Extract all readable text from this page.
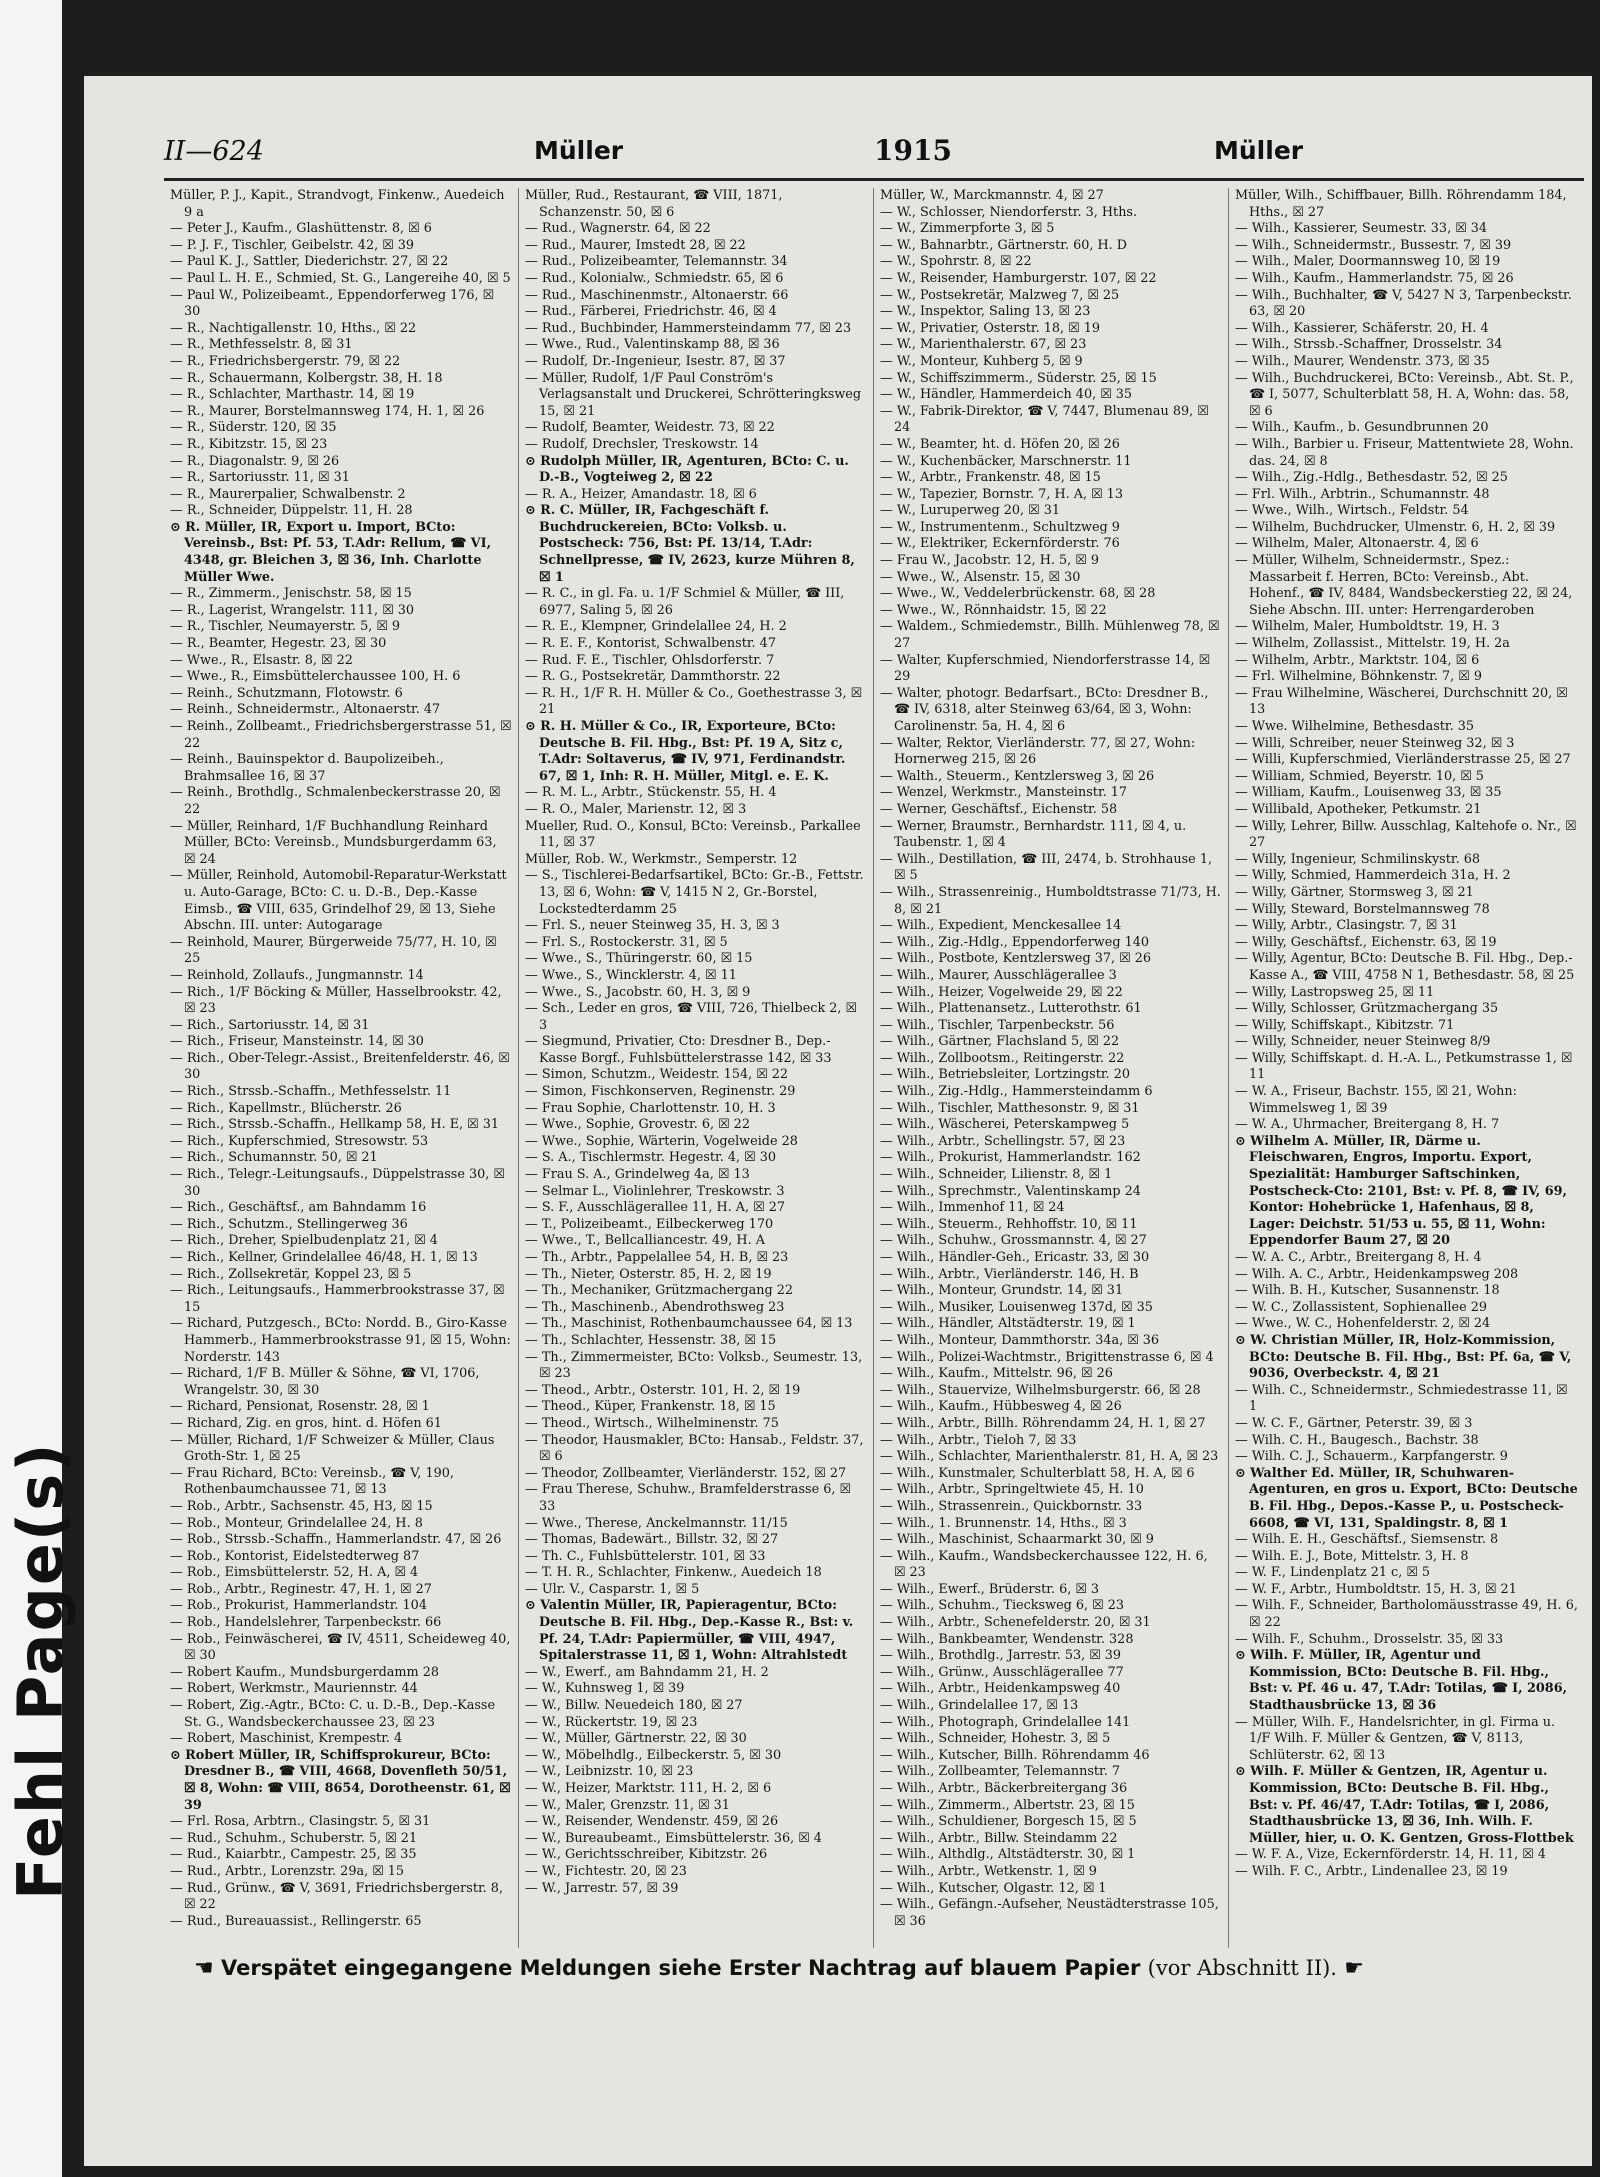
Fehl Page(s)
II—624	Müller	1915	Müller
Müller, P. J., Kapit., Strandvogt, Finkenw., Auedeich 9 a
— Peter J., Kaufm., Glashüttenstr. 8, ☒ 6
— P. J. F., Tischler, Geibelstr. 42, ☒ 39
— Paul K. J., Sattler, Diederichstr. 27, ☒ 22
— Paul L. H. E., Schmied, St. G., Langereihe 40, ☒ 5
— Paul W., Polizeibeamt., Eppendorferweg 176, ☒ 30
— R., Nachtigallenstr. 10, Hths., ☒ 22
— R., Methfesselstr. 8, ☒ 31
— R., Friedrichsbergerstr. 79, ☒ 22
— R., Schauermann, Kolbergstr. 38, H. 18
— R., Schlachter, Marthastr. 14, ☒ 19
— R., Maurer, Borstelmannsweg 174, H. 1, ☒ 26
— R., Süderstr. 120, ☒ 35
— R., Kibitzstr. 15, ☒ 23
— R., Diagonalstr. 9, ☒ 26
— R., Sartoriusstr. 11, ☒ 31
— R., Maurerpalier, Schwalbenstr. 2
— R., Schneider, Düppelstr. 11, H. 28
⊙ R. Müller, IR, Export u. Import, BCto: Vereinsb., Bst: Pf. 53, T.Adr: Rellum, ☎ VI, 4348, gr. Bleichen 3, ☒ 36, Inh. Charlotte Müller Wwe.
— R., Zimmerm., Jenischstr. 58, ☒ 15
— R., Lagerist, Wrangelstr. 111, ☒ 30
— R., Tischler, Neumayerstr. 5, ☒ 9
— R., Beamter, Hegestr. 23, ☒ 30
— Wwe., R., Elsastr. 8, ☒ 22
— Wwe., R., Eimsbüttelerchaussee 100, H. 6
— Reinh., Schutzmann, Flotowstr. 6
— Reinh., Schneidermstr., Altonaerstr. 47
— Reinh., Zollbeamt., Friedrichsbergerstrasse 51, ☒ 22
— Reinh., Bauinspektor d. Baupolizeibeh., Brahmsallee 16, ☒ 37
— Reinh., Brothdlg., Schmalenbeckerstrasse 20, ☒ 22
— Müller, Reinhard, 1/F Buchhandlung Reinhard Müller, BCto: Vereinsb., Mundsburgerdamm 63, ☒ 24
— Müller, Reinhold, Automobil-Reparatur-Werkstatt u. Auto-Garage, BCto: C. u. D.-B., Dep.-Kasse Eimsb., ☎ VIII, 635, Grindelhof 29, ☒ 13, Siehe Abschn. III. unter: Autogarage
— Reinhold, Maurer, Bürgerweide 75/77, H. 10, ☒ 25
— Reinhold, Zollaufs., Jungmannstr. 14
— Rich., 1/F Böcking & Müller, Hasselbrookstr. 42, ☒ 23
— Rich., Sartoriusstr. 14, ☒ 31
— Rich., Friseur, Mansteinstr. 14, ☒ 30
— Rich., Ober-Telegr.-Assist., Breitenfelderstr. 46, ☒ 30
— Rich., Strssb.-Schaffn., Methfesselstr. 11
— Rich., Kapellmstr., Blücherstr. 26
— Rich., Strssb.-Schaffn., Hellkamp 58, H. E, ☒ 31
— Rich., Kupferschmied, Stresowstr. 53
— Rich., Schumannstr. 50, ☒ 21
— Rich., Telegr.-Leitungsaufs., Düppelstrasse 30, ☒ 30
— Rich., Geschäftsf., am Bahndamm 16
— Rich., Schutzm., Stellingerweg 36
— Rich., Dreher, Spielbudenplatz 21, ☒ 4
— Rich., Kellner, Grindelallee 46/48, H. 1, ☒ 13
— Rich., Zollsekretär, Koppel 23, ☒ 5
— Rich., Leitungsaufs., Hammerbrookstrasse 37, ☒ 15
— Richard, Putzgesch., BCto: Nordd. B., Giro-Kasse Hammerb., Hammerbrookstrasse 91, ☒ 15, Wohn: Norderstr. 143
— Richard, 1/F B. Müller & Söhne, ☎ VI, 1706, Wrangelstr. 30, ☒ 30
— Richard, Pensionat, Rosenstr. 28, ☒ 1
— Richard, Zig. en gros, hint. d. Höfen 61
— Müller, Richard, 1/F Schweizer & Müller, Claus Groth-Str. 1, ☒ 25
— Frau Richard, BCto: Vereinsb., ☎ V, 190, Rothenbaumchaussee 71, ☒ 13
— Rob., Arbtr., Sachsenstr. 45, H3, ☒ 15
— Rob., Monteur, Grindelallee 24, H. 8
— Rob., Strssb.-Schaffn., Hammerlandstr. 47, ☒ 26
— Rob., Kontorist, Eidelstedterweg 87
— Rob., Eimsbüttelerstr. 52, H. A, ☒ 4
— Rob., Arbtr., Reginestr. 47, H. 1, ☒ 27
— Rob., Prokurist, Hammerlandstr. 104
— Rob., Handelslehrer, Tarpenbeckstr. 66
— Rob., Feinwäscherei, ☎ IV, 4511, Scheideweg 40, ☒ 30
— Robert Kaufm., Mundsburgerdamm 28
— Robert, Werkmstr., Mauriennstr. 44
— Robert, Zig.-Agtr., BCto: C. u. D.-B., Dep.-Kasse St. G., Wandsbeckerchaussee 23, ☒ 23
— Robert, Maschinist, Krempestr. 4
⊙ Robert Müller, IR, Schiffsprokureur, BCto: Dresdner B., ☎ VIII, 4668, Dovenfleth 50/51, ☒ 8, Wohn: ☎ VIII, 8654, Dorotheenstr. 61, ☒ 39
— Frl. Rosa, Arbtrn., Clasingstr. 5, ☒ 31
— Rud., Schuhm., Schuberstr. 5, ☒ 21
— Rud., Kaiarbtr., Campestr. 25, ☒ 35
— Rud., Arbtr., Lorenzstr. 29a, ☒ 15
— Rud., Grünw., ☎ V, 3691, Friedrichsbergerstr. 8, ☒ 22
— Rud., Bureauassist., Rellingerstr. 65
Müller, Rud., Restaurant, ☎ VIII, 1871, Schanzenstr. 50, ☒ 6
— Rud., Wagnerstr. 64, ☒ 22
— Rud., Maurer, Imstedt 28, ☒ 22
— Rud., Polizeibeamter, Telemannstr. 34
— Rud., Kolonialw., Schmiedstr. 65, ☒ 6
— Rud., Maschinenmstr., Altonaerstr. 66
— Rud., Färberei, Friedrichstr. 46, ☒ 4
— Rud., Buchbinder, Hammersteindamm 77, ☒ 23
— Wwe., Rud., Valentinskamp 88, ☒ 36
— Rudolf, Dr.-Ingenieur, Isestr. 87, ☒ 37
— Müller, Rudolf, 1/F Paul Conström's Verlagsanstalt und Druckerei, Schrötteringksweg 15, ☒ 21
— Rudolf, Beamter, Weidestr. 73, ☒ 22
— Rudolf, Drechsler, Treskowstr. 14
⊙ Rudolph Müller, IR, Agenturen, BCto: C. u. D.-B., Vogteiweg 2, ☒ 22
— R. A., Heizer, Amandastr. 18, ☒ 6
⊙ R. C. Müller, IR, Fachgeschäft f. Buchdruckereien, BCto: Volksb. u. Postscheck: 756, Bst: Pf. 13/14, T.Adr: Schnellpresse, ☎ IV, 2623, kurze Mühren 8, ☒ 1
— R. C., in gl. Fa. u. 1/F Schmiel & Müller, ☎ III, 6977, Saling 5, ☒ 26
— R. E., Klempner, Grindelallee 24, H. 2
— R. E. F., Kontorist, Schwalbenstr. 47
— Rud. F. E., Tischler, Ohlsdorferstr. 7
— R. G., Postsekretär, Dammthorstr. 22
— R. H., 1/F R. H. Müller & Co., Goethestrasse 3, ☒ 21
⊙ R. H. Müller & Co., IR, Exporteure, BCto: Deutsche B. Fil. Hbg., Bst: Pf. 19 A, Sitz c, T.Adr: Soltaverus, ☎ IV, 971, Ferdinandstr. 67, ☒ 1, Inh: R. H. Müller, Mitgl. e. E. K.
— R. M. L., Arbtr., Stückenstr. 55, H. 4
— R. O., Maler, Marienstr. 12, ☒ 3
Mueller, Rud. O., Konsul, BCto: Vereinsb., Parkallee 11, ☒ 37
Müller, Rob. W., Werkmstr., Semperstr. 12
— S., Tischlerei-Bedarfsartikel, BCto: Gr.-B., Fettstr. 13, ☒ 6, Wohn: ☎ V, 1415 N 2, Gr.-Borstel, Lockstedterdamm 25
— Frl. S., neuer Steinweg 35, H. 3, ☒ 3
— Frl. S., Rostockerstr. 31, ☒ 5
— Wwe., S., Thüringerstr. 60, ☒ 15
— Wwe., S., Wincklerstr. 4, ☒ 11
— Wwe., S., Jacobstr. 60, H. 3, ☒ 9
— Sch., Leder en gros, ☎ VIII, 726, Thielbeck 2, ☒ 3
— Siegmund, Privatier, Cto: Dresdner B., Dep.-Kasse Borgf., Fuhlsbüttelerstrasse 142, ☒ 33
— Simon, Schutzm., Weidestr. 154, ☒ 22
— Simon, Fischkonserven, Reginenstr. 29
— Frau Sophie, Charlottenstr. 10, H. 3
— Wwe., Sophie, Grovestr. 6, ☒ 22
— Wwe., Sophie, Wärterin, Vogelweide 28
— S. A., Tischlermstr. Hegestr. 4, ☒ 30
— Frau S. A., Grindelweg 4a, ☒ 13
— Selmar L., Violinlehrer, Treskowstr. 3
— S. F., Ausschlägerallee 11, H. A, ☒ 27
— T., Polizeibeamt., Eilbeckerweg 170
— Wwe., T., Bellcalliancestr. 49, H. A
— Th., Arbtr., Pappelallee 54, H. B, ☒ 23
— Th., Nieter, Osterstr. 85, H. 2, ☒ 19
— Th., Mechaniker, Grützmachergang 22
— Th., Maschinenb., Abendrothsweg 23
— Th., Maschinist, Rothenbaumchaussee 64, ☒ 13
— Th., Schlachter, Hessenstr. 38, ☒ 15
— Th., Zimmermeister, BCto: Volksb., Seumestr. 13, ☒ 23
— Theod., Arbtr., Osterstr. 101, H. 2, ☒ 19
— Theod., Küper, Frankenstr. 18, ☒ 15
— Theod., Wirtsch., Wilhelminenstr. 75
— Theodor, Hausmakler, BCto: Hansab., Feldstr. 37, ☒ 6
— Theodor, Zollbeamter, Vierländerstr. 152, ☒ 27
— Frau Therese, Schuhw., Bramfelderstrasse 6, ☒ 33
— Wwe., Therese, Anckelmannstr. 11/15
— Thomas, Badewärt., Billstr. 32, ☒ 27
— Th. C., Fuhlsbüttelerstr. 101, ☒ 33
— T. H. R., Schlachter, Finkenw., Auedeich 18
— Ulr. V., Casparstr. 1, ☒ 5
⊙ Valentin Müller, IR, Papieragentur, BCto: Deutsche B. Fil. Hbg., Dep.-Kasse R., Bst: v. Pf. 24, T.Adr: Papiermüller, ☎ VIII, 4947, Spitalerstrasse 11, ☒ 1, Wohn: Altrahlstedt
— W., Ewerf., am Bahndamm 21, H. 2
— W., Kuhnsweg 1, ☒ 39
— W., Billw. Neuedeich 180, ☒ 27
— W., Rückertstr. 19, ☒ 23
— W., Müller, Gärtnerstr. 22, ☒ 30
— W., Möbelhdlg., Eilbeckerstr. 5, ☒ 30
— W., Leibnizstr. 10, ☒ 23
— W., Heizer, Marktstr. 111, H. 2, ☒ 6
— W., Maler, Grenzstr. 11, ☒ 31
— W., Reisender, Wendenstr. 459, ☒ 26
— W., Bureaubeamt., Eimsbüttelerstr. 36, ☒ 4
— W., Gerichtsschreiber, Kibitzstr. 26
— W., Fichtestr. 20, ☒ 23
— W., Jarrestr. 57, ☒ 39
Müller, W., Marckmannstr. 4, ☒ 27
— W., Schlosser, Niendorferstr. 3, Hths.
— W., Zimmerpforte 3, ☒ 5
— W., Bahnarbtr., Gärtnerstr. 60, H. D
— W., Spohrstr. 8, ☒ 22
— W., Reisender, Hamburgerstr. 107, ☒ 22
— W., Postsekretär, Malzweg 7, ☒ 25
— W., Inspektor, Saling 13, ☒ 23
— W., Privatier, Osterstr. 18, ☒ 19
— W., Marienthalerstr. 67, ☒ 23
— W., Monteur, Kuhberg 5, ☒ 9
— W., Schiffszimmerm., Süderstr. 25, ☒ 15
— W., Händler, Hammerdeich 40, ☒ 35
— W., Fabrik-Direktor, ☎ V, 7447, Blumenau 89, ☒ 24
— W., Beamter, ht. d. Höfen 20, ☒ 26
— W., Kuchenbäcker, Marschnerstr. 11
— W., Arbtr., Frankenstr. 48, ☒ 15
— W., Tapezier, Bornstr. 7, H. A, ☒ 13
— W., Luruperweg 20, ☒ 31
— W., Instrumentenm., Schultzweg 9
— W., Elektriker, Eckernförderstr. 76
— Frau W., Jacobstr. 12, H. 5, ☒ 9
— Wwe., W., Alsenstr. 15, ☒ 30
— Wwe., W., Veddelerbrückenstr. 68, ☒ 28
— Wwe., W., Rönnhaidstr. 15, ☒ 22
— Waldem., Schmiedemstr., Billh. Mühlenweg 78, ☒ 27
— Walter, Kupferschmied, Niendorferstrasse 14, ☒ 29
— Walter, photogr. Bedarfsart., BCto: Dresdner B., ☎ IV, 6318, alter Steinweg 63/64, ☒ 3, Wohn: Carolinenstr. 5a, H. 4, ☒ 6
— Walter, Rektor, Vierländerstr. 77, ☒ 27, Wohn: Hornerweg 215, ☒ 26
— Walth., Steuerm., Kentzlersweg 3, ☒ 26
— Wenzel, Werkmstr., Mansteinstr. 17
— Werner, Geschäftsf., Eichenstr. 58
— Werner, Braumstr., Bernhardstr. 111, ☒ 4, u. Taubenstr. 1, ☒ 4
— Wilh., Destillation, ☎ III, 2474, b. Strohhause 1, ☒ 5
— Wilh., Strassenreinig., Humboldtstrasse 71/73, H. 8, ☒ 21
— Wilh., Expedient, Menckesallee 14
— Wilh., Zig.-Hdlg., Eppendorferweg 140
— Wilh., Postbote, Kentzlersweg 37, ☒ 26
— Wilh., Maurer, Ausschlägerallee 3
— Wilh., Heizer, Vogelweide 29, ☒ 22
— Wilh., Plattenansetz., Lutterothstr. 61
— Wilh., Tischler, Tarpenbeckstr. 56
— Wilh., Gärtner, Flachsland 5, ☒ 22
— Wilh., Zollbootsm., Reitingerstr. 22
— Wilh., Betriebsleiter, Lortzingstr. 20
— Wilh., Zig.-Hdlg., Hammersteindamm 6
— Wilh., Tischler, Matthesonstr. 9, ☒ 31
— Wilh., Wäscherei, Peterskampweg 5
— Wilh., Arbtr., Schellingstr. 57, ☒ 23
— Wilh., Prokurist, Hammerlandstr. 162
— Wilh., Schneider, Lilienstr. 8, ☒ 1
— Wilh., Sprechmstr., Valentinskamp 24
— Wilh., Immenhof 11, ☒ 24
— Wilh., Steuerm., Rehhoffstr. 10, ☒ 11
— Wilh., Schuhw., Grossmannstr. 4, ☒ 27
— Wilh., Händler-Geh., Ericastr. 33, ☒ 30
— Wilh., Arbtr., Vierländerstr. 146, H. B
— Wilh., Monteur, Grundstr. 14, ☒ 31
— Wilh., Musiker, Louisenweg 137d, ☒ 35
— Wilh., Händler, Altstädterstr. 19, ☒ 1
— Wilh., Monteur, Dammthorstr. 34a, ☒ 36
— Wilh., Polizei-Wachtmstr., Brigittenstrasse 6, ☒ 4
— Wilh., Kaufm., Mittelstr. 96, ☒ 26
— Wilh., Stauervize, Wilhelmsburgerstr. 66, ☒ 28
— Wilh., Kaufm., Hübbesweg 4, ☒ 26
— Wilh., Arbtr., Billh. Röhrendamm 24, H. 1, ☒ 27
— Wilh., Arbtr., Tieloh 7, ☒ 33
— Wilh., Schlachter, Marienthalerstr. 81, H. A, ☒ 23
— Wilh., Kunstmaler, Schulterblatt 58, H. A, ☒ 6
— Wilh., Arbtr., Springeltwiete 45, H. 10
— Wilh., Strassenrein., Quickbornstr. 33
— Wilh., 1. Brunnenstr. 14, Hths., ☒ 3
— Wilh., Maschinist, Schaarmarkt 30, ☒ 9
— Wilh., Kaufm., Wandsbeckerchaussee 122, H. 6, ☒ 23
— Wilh., Ewerf., Brüderstr. 6, ☒ 3
— Wilh., Schuhm., Tiecksweg 6, ☒ 23
— Wilh., Arbtr., Schenefelderstr. 20, ☒ 31
— Wilh., Bankbeamter, Wendenstr. 328
— Wilh., Brothdlg., Jarrestr. 53, ☒ 39
— Wilh., Grünw., Ausschlägerallee 77
— Wilh., Arbtr., Heidenkampsweg 40
— Wilh., Grindelallee 17, ☒ 13
— Wilh., Photograph, Grindelallee 141
— Wilh., Schneider, Hohestr. 3, ☒ 5
— Wilh., Kutscher, Billh. Röhrendamm 46
— Wilh., Zollbeamter, Telemannstr. 7
— Wilh., Arbtr., Bäckerbreitergang 36
— Wilh., Zimmerm., Albertstr. 23, ☒ 15
— Wilh., Schuldiener, Borgesch 15, ☒ 5
— Wilh., Arbtr., Billw. Steindamm 22
— Wilh., Althdlg., Altstädterstr. 30, ☒ 1
— Wilh., Arbtr., Wetkenstr. 1, ☒ 9
— Wilh., Kutscher, Olgastr. 12, ☒ 1
— Wilh., Gefängn.-Aufseher, Neustädterstrasse 105, ☒ 36
Müller, Wilh., Schiffbauer, Billh. Röhrendamm 184, Hths., ☒ 27
— Wilh., Kassierer, Seumestr. 33, ☒ 34
— Wilh., Schneidermstr., Bussestr. 7, ☒ 39
— Wilh., Maler, Doormannsweg 10, ☒ 19
— Wilh., Kaufm., Hammerlandstr. 75, ☒ 26
— Wilh., Buchhalter, ☎ V, 5427 N 3, Tarpenbeckstr. 63, ☒ 20
— Wilh., Kassierer, Schäferstr. 20, H. 4
— Wilh., Strssb.-Schaffner, Drosselstr. 34
— Wilh., Maurer, Wendenstr. 373, ☒ 35
— Wilh., Buchdruckerei, BCto: Vereinsb., Abt. St. P., ☎ I, 5077, Schulterblatt 58, H. A, Wohn: das. 58, ☒ 6
— Wilh., Kaufm., b. Gesundbrunnen 20
— Wilh., Barbier u. Friseur, Mattentwiete 28, Wohn. das. 24, ☒ 8
— Wilh., Zig.-Hdlg., Bethesdastr. 52, ☒ 25
— Frl. Wilh., Arbtrin., Schumannstr. 48
— Wwe., Wilh., Wirtsch., Feldstr. 54
— Wilhelm, Buchdrucker, Ulmenstr. 6, H. 2, ☒ 39
— Wilhelm, Maler, Altonaerstr. 4, ☒ 6
— Müller, Wilhelm, Schneidermstr., Spez.: Massarbeit f. Herren, BCto: Vereinsb., Abt. Hohenf., ☎ IV, 8484, Wandsbeckerstieg 22, ☒ 24, Siehe Abschn. III. unter: Herrengarderoben
— Wilhelm, Maler, Humboldtstr. 19, H. 3
— Wilhelm, Zollassist., Mittelstr. 19, H. 2a
— Wilhelm, Arbtr., Marktstr. 104, ☒ 6
— Frl. Wilhelmine, Böhnkenstr. 7, ☒ 9
— Frau Wilhelmine, Wäscherei, Durchschnitt 20, ☒ 13
— Wwe. Wilhelmine, Bethesdastr. 35
— Willi, Schreiber, neuer Steinweg 32, ☒ 3
— Willi, Kupferschmied, Vierländerstrasse 25, ☒ 27
— William, Schmied, Beyerstr. 10, ☒ 5
— William, Kaufm., Louisenweg 33, ☒ 35
— Willibald, Apotheker, Petkumstr. 21
— Willy, Lehrer, Billw. Ausschlag, Kaltehofe o. Nr., ☒ 27
— Willy, Ingenieur, Schmilinskystr. 68
— Willy, Schmied, Hammerdeich 31a, H. 2
— Willy, Gärtner, Stormsweg 3, ☒ 21
— Willy, Steward, Borstelmannsweg 78
— Willy, Arbtr., Clasingstr. 7, ☒ 31
— Willy, Geschäftsf., Eichenstr. 63, ☒ 19
— Willy, Agentur, BCto: Deutsche B. Fil. Hbg., Dep.-Kasse A., ☎ VIII, 4758 N 1, Bethesdastr. 58, ☒ 25
— Willy, Lastropsweg 25, ☒ 11
— Willy, Schlosser, Grützmachergang 35
— Willy, Schiffskapt., Kibitzstr. 71
— Willy, Schneider, neuer Steinweg 8/9
— Willy, Schiffskapt. d. H.-A. L., Petkumstrasse 1, ☒ 11
— W. A., Friseur, Bachstr. 155, ☒ 21, Wohn: Wimmelsweg 1, ☒ 39
— W. A., Uhrmacher, Breitergang 8, H. 7
⊙ Wilhelm A. Müller, IR, Därme u. Fleischwaren, Engros, Importu. Export, Spezialität: Hamburger Saftschinken, Postscheck-Cto: 2101, Bst: v. Pf. 8, ☎ IV, 69, Kontor: Hohebrücke 1, Hafenhaus, ☒ 8, Lager: Deichstr. 51/53 u. 55, ☒ 11, Wohn: Eppendorfer Baum 27, ☒ 20
— W. A. C., Arbtr., Breitergang 8, H. 4
— Wilh. A. C., Arbtr., Heidenkampsweg 208
— Wilh. B. H., Kutscher, Susannenstr. 18
— W. C., Zollassistent, Sophienallee 29
— Wwe., W. C., Hohenfelderstr. 2, ☒ 24
⊙ W. Christian Müller, IR, Holz-Kommission, BCto: Deutsche B. Fil. Hbg., Bst: Pf. 6a, ☎ V, 9036, Overbeckstr. 4, ☒ 21
— Wilh. C., Schneidermstr., Schmiedestrasse 11, ☒ 1
— W. C. F., Gärtner, Peterstr. 39, ☒ 3
— Wilh. C. H., Baugesch., Bachstr. 38
— Wilh. C. J., Schauerm., Karpfangerstr. 9
⊙ Walther Ed. Müller, IR, Schuhwaren-Agenturen, en gros u. Export, BCto: Deutsche B. Fil. Hbg., Depos.-Kasse P., u. Postscheck-6608, ☎ VI, 131, Spaldingstr. 8, ☒ 1
— Wilh. E. H., Geschäftsf., Siemsenstr. 8
— Wilh. E. J., Bote, Mittelstr. 3, H. 8
— W. F., Lindenplatz 21 c, ☒ 5
— W. F., Arbtr., Humboldtstr. 15, H. 3, ☒ 21
— Wilh. F., Schneider, Bartholomäusstrasse 49, H. 6, ☒ 22
— Wilh. F., Schuhm., Drosselstr. 35, ☒ 33
⊙ Wilh. F. Müller, IR, Agentur und Kommission, BCto: Deutsche B. Fil. Hbg., Bst: v. Pf. 46 u. 47, T.Adr: Totilas, ☎ I, 2086, Stadthausbrücke 13, ☒ 36
— Müller, Wilh. F., Handelsrichter, in gl. Firma u. 1/F Wilh. F. Müller & Gentzen, ☎ V, 8113, Schlüterstr. 62, ☒ 13
⊙ Wilh. F. Müller & Gentzen, IR, Agentur u. Kommission, BCto: Deutsche B. Fil. Hbg., Bst: v. Pf. 46/47, T.Adr: Totilas, ☎ I, 2086, Stadthausbrücke 13, ☒ 36, Inh. Wilh. F. Müller, hier, u. O. K. Gentzen, Gross-Flottbek
— W. F. A., Vize, Eckernförderstr. 14, H. 11, ☒ 4
— Wilh. F. C., Arbtr., Lindenallee 23, ☒ 19
☚ Verspätet eingegangene Meldungen siehe Erster Nachtrag auf blauem Papier (vor Abschnitt II). ☛
